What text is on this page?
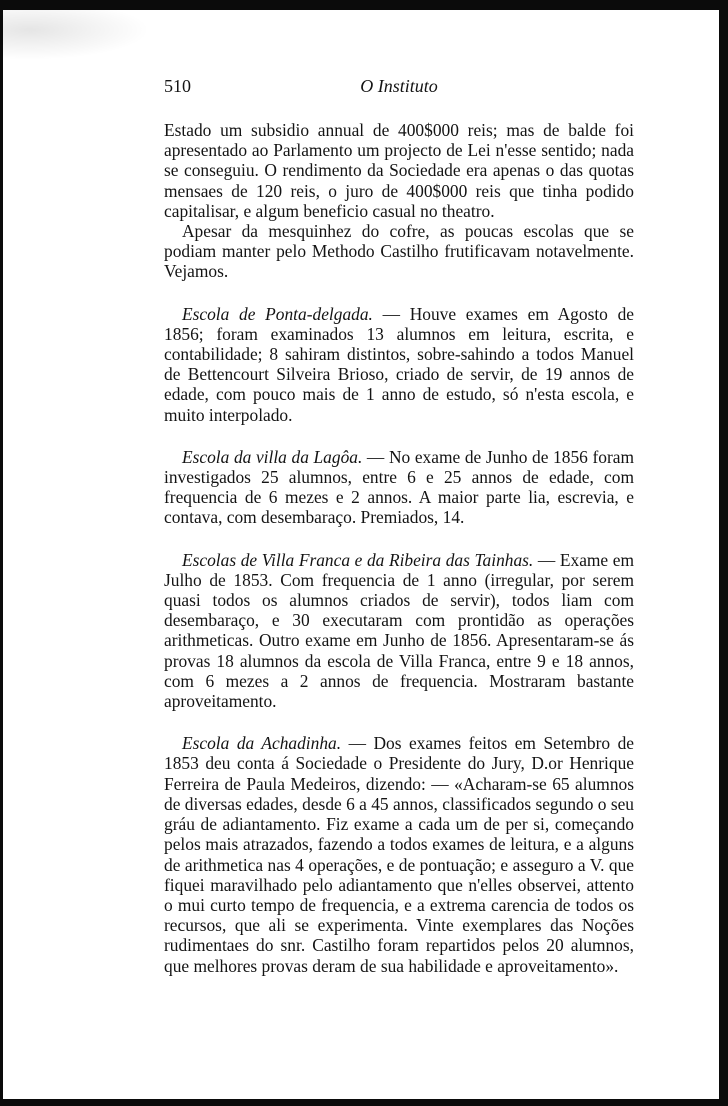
510	O Instituto

Estado um subsidio annual de 400$000 reis; mas de balde foi apresentado ao Parlamento um projecto de Lei n'esse sentido; nada se conseguiu. O rendimento da Sociedade era apenas o das quotas mensaes de 120 reis, o juro de 400$000 reis que tinha podido capitalisar, e algum beneficio casual no theatro.

Apesar da mesquinhez do cofre, as poucas escolas que se podiam manter pelo Methodo Castilho frutificavam notavelmente. Vejamos.

Escola de Ponta-delgada. — Houve exames em Agosto de 1856; foram examinados 13 alumnos em leitura, escrita, e contabilidade; 8 sahiram distintos, sobre-sahindo a todos Manuel de Bettencourt Silveira Brioso, criado de servir, de 19 annos de edade, com pouco mais de 1 anno de estudo, só n'esta escola, e muito interpolado.

Escola da villa da Lagôa. — No exame de Junho de 1856 foram investigados 25 alumnos, entre 6 e 25 annos de edade, com frequencia de 6 mezes e 2 annos. A maior parte lia, escrevia, e contava, com desembaraço. Premiados, 14.

Escolas de Villa Franca e da Ribeira das Tainhas. — Exame em Julho de 1853. Com frequencia de 1 anno (irregular, por serem quasi todos os alumnos criados de servir), todos liam com desembaraço, e 30 executaram com prontidão as operações arithmeticas. Outro exame em Junho de 1856. Apresentaram-se ás provas 18 alumnos da escola de Villa Franca, entre 9 e 18 annos, com 6 mezes a 2 annos de frequencia. Mostraram bastante aproveitamento.

Escola da Achadinha. — Dos exames feitos em Setembro de 1853 deu conta á Sociedade o Presidente do Jury, D.or Henrique Ferreira de Paula Medeiros, dizendo: — «Acharam-se 65 alumnos de diversas edades, desde 6 a 45 annos, classificados segundo o seu gráu de adiantamento. Fiz exame a cada um de per si, começando pelos mais atrazados, fazendo a todos exames de leitura, e a alguns de arithmetica nas 4 operações, e de pontuação; e asseguro a V. que fiquei maravilhado pelo adiantamento que n'elles observei, attento o mui curto tempo de frequencia, e a extrema carencia de todos os recursos, que ali se experimenta. Vinte exemplares das Noções rudimentaes do snr. Castilho foram repartidos pelos 20 alumnos, que melhores provas deram de sua habilidade e aproveitamento».
